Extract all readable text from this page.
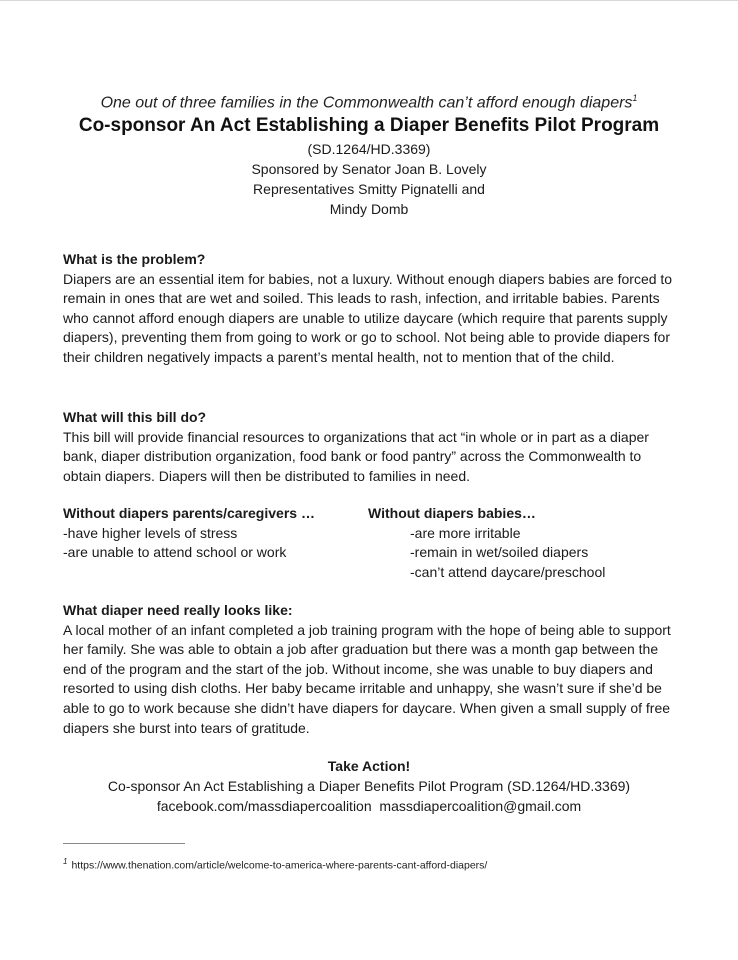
One out of three families in the Commonwealth can’t afford enough diapers$^1$
Co-sponsor An Act Establishing a Diaper Benefits Pilot Program
(SD.1264/HD.3369)
Sponsored by Senator Joan B. Lovely
Representatives Smitty Pignatelli and
Mindy Domb

What is the problem?

Diapers are an essential item for babies, not a luxury. Without enough diapers babies are forced to remain in ones that are wet and soiled. This leads to rash, infection, and irritable babies. Parents who cannot afford enough diapers are unable to utilize daycare (which require that parents supply diapers), preventing them from going to work or go to school. Not being able to provide diapers for their children negatively impacts a parent’s mental health, not to mention that of the child.

What will this bill do?

This bill will provide financial resources to organizations that act “in whole or in part as a diaper bank, diaper distribution organization, food bank or food pantry” across the Commonwealth to obtain diapers. Diapers will then be distributed to families in need.

Without diapers parents/caregivers …
-have higher levels of stress
-are unable to attend school or work
Without diapers babies…
-are more irritable
-remain in wet/soiled diapers
-can’t attend daycare/preschool

What diaper need really looks like:

A local mother of an infant completed a job training program with the hope of being able to support her family. She was able to obtain a job after graduation but there was a month gap between the end of the program and the start of the job. Without income, she was unable to buy diapers and resorted to using dish cloths. Her baby became irritable and unhappy, she wasn’t sure if she’d be able to go to work because she didn’t have diapers for daycare. When given a small supply of free diapers she burst into tears of gratitude.

Take Action!
Co-sponsor An Act Establishing a Diaper Benefits Pilot Program (SD.1264/HD.3369)
facebook.com/massdiapercoalition massdiapercoalition@gmail.com
$^1$ https://www.thenation.com/article/welcome-to-america-where-parents-cant-afford-diapers/
